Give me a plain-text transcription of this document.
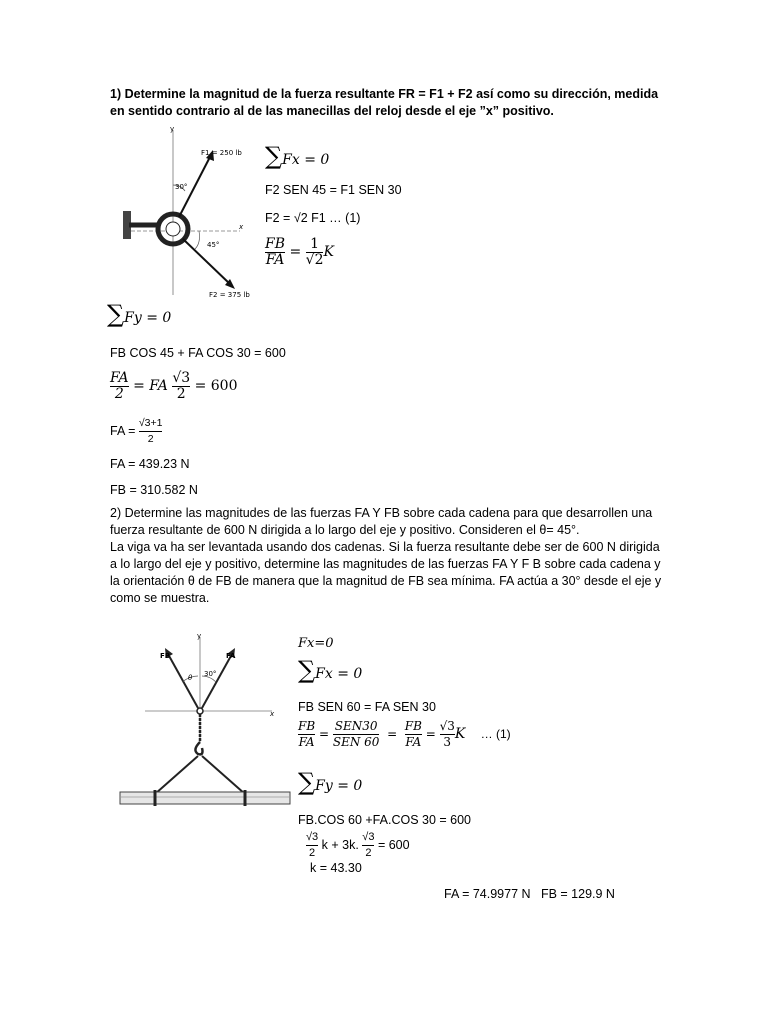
1) Determine la magnitud de la fuerza resultante FR = F1 + F2 así como su dirección, medida en sentido contrario al de las manecillas del reloj desde el eje ”x” positivo.
y
x
F1 = 250 lb
30°
F2 = 375 lb
45°
∑Fx = 0
F2 SEN 45 = F1 SEN 30
F2 = √2 F1 … (1)
$\frac{FB}{FA} = \frac{1}{√2}$ K
∑Fy = 0
FB COS 45 + FA COS 30 = 600
$\frac{FA}{2}$ = FA $\frac{√3}{2} = 600$
FA = $\frac{√3+1}{2}$
FA = 439.23 N
FB = 310.582 N
2) Determine las magnitudes de las fuerzas FA Y FB sobre cada cadena para que desarrollen una fuerza resultante de 600 N dirigida a lo largo del eje y positivo. Consideren el θ= 45°.
La viga va ha ser levantada usando dos cadenas. Si la fuerza resultante debe ser de 600 N dirigida a lo largo del eje y positivo, determine las magnitudes de las fuerzas FA Y F B sobre cada cadena y la orientación θ de FB de manera que la magnitud de FB sea mínima. FA actúa a 30° desde el eje y como se muestra.
y
x
FB	FA
θ 30°
Fx=0
∑Fx = 0
FB SEN 60 = FA SEN 30
$\frac{FB}{FA} = \frac{\text{SEN30}}{\text{SEN 60}} = \frac{FB}{FA} = \frac{√3}{3}$ K … (1)
∑Fy = 0
FB.COS 60 +FA.COS 30 = 600
$\frac{√3}{2}$ k + 3k. $\frac{√3}{2} = 600$
k = 43.30
FA = 74.9977 N   FB = 129.9 N
